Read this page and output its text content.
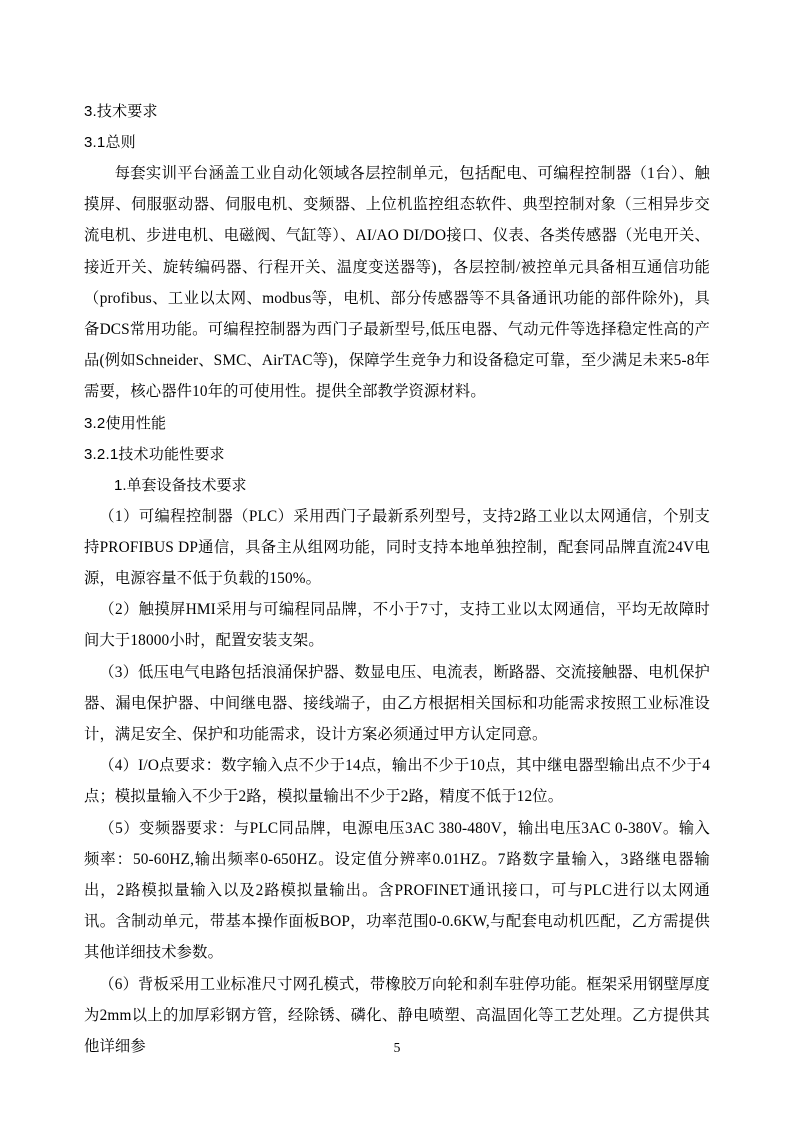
3.技术要求
3.1总则
每套实训平台涵盖工业自动化领域各层控制单元，包括配电、可编程控制器（1台）、触摸屏、伺服驱动器、伺服电机、变频器、上位机监控组态软件、典型控制对象（三相异步交流电机、步进电机、电磁阀、气缸等）、AI/AO DI/DO接口、仪表、各类传感器（光电开关、接近开关、旋转编码器、行程开关、温度变送器等)，各层控制/被控单元具备相互通信功能（profibus、工业以太网、modbus等，电机、部分传感器等不具备通讯功能的部件除外)，具备DCS常用功能。可编程控制器为西门子最新型号,低压电器、气动元件等选择稳定性高的产品(例如Schneider、SMC、AirTAC等)，保障学生竞争力和设备稳定可靠，至少满足未来5-8年需要，核心器件10年的可使用性。提供全部教学资源材料。
3.2使用性能
3.2.1技术功能性要求
1.单套设备技术要求
（1）可编程控制器（PLC）采用西门子最新系列型号，支持2路工业以太网通信，个别支持PROFIBUS DP通信，具备主从组网功能，同时支持本地单独控制，配套同品牌直流24V电源，电源容量不低于负载的150%。
（2）触摸屏HMI采用与可编程同品牌，不小于7寸，支持工业以太网通信，平均无故障时间大于18000小时，配置安装支架。
（3）低压电气电路包括浪涌保护器、数显电压、电流表，断路器、交流接触器、电机保护器、漏电保护器、中间继电器、接线端子，由乙方根据相关国标和功能需求按照工业标准设计，满足安全、保护和功能需求，设计方案必须通过甲方认定同意。
（4）I/O点要求：数字输入点不少于14点，输出不少于10点，其中继电器型输出点不少于4点；模拟量输入不少于2路，模拟量输出不少于2路，精度不低于12位。
（5）变频器要求：与PLC同品牌，电源电压3AC 380-480V，输出电压3AC 0-380V。输入频率：50-60HZ,输出频率0-650HZ。设定值分辨率0.01HZ。7路数字量输入，3路继电器输出，2路模拟量输入以及2路模拟量输出。含PROFINET通讯接口，可与PLC进行以太网通讯。含制动单元，带基本操作面板BOP，功率范围0-0.6KW,与配套电动机匹配，乙方需提供其他详细技术参数。
（6）背板采用工业标准尺寸网孔模式，带橡胶万向轮和刹车驻停功能。框架采用钢壁厚度为2mm以上的加厚彩钢方管，经除锈、磷化、静电喷塑、高温固化等工艺处理。乙方提供其他详细参	5
